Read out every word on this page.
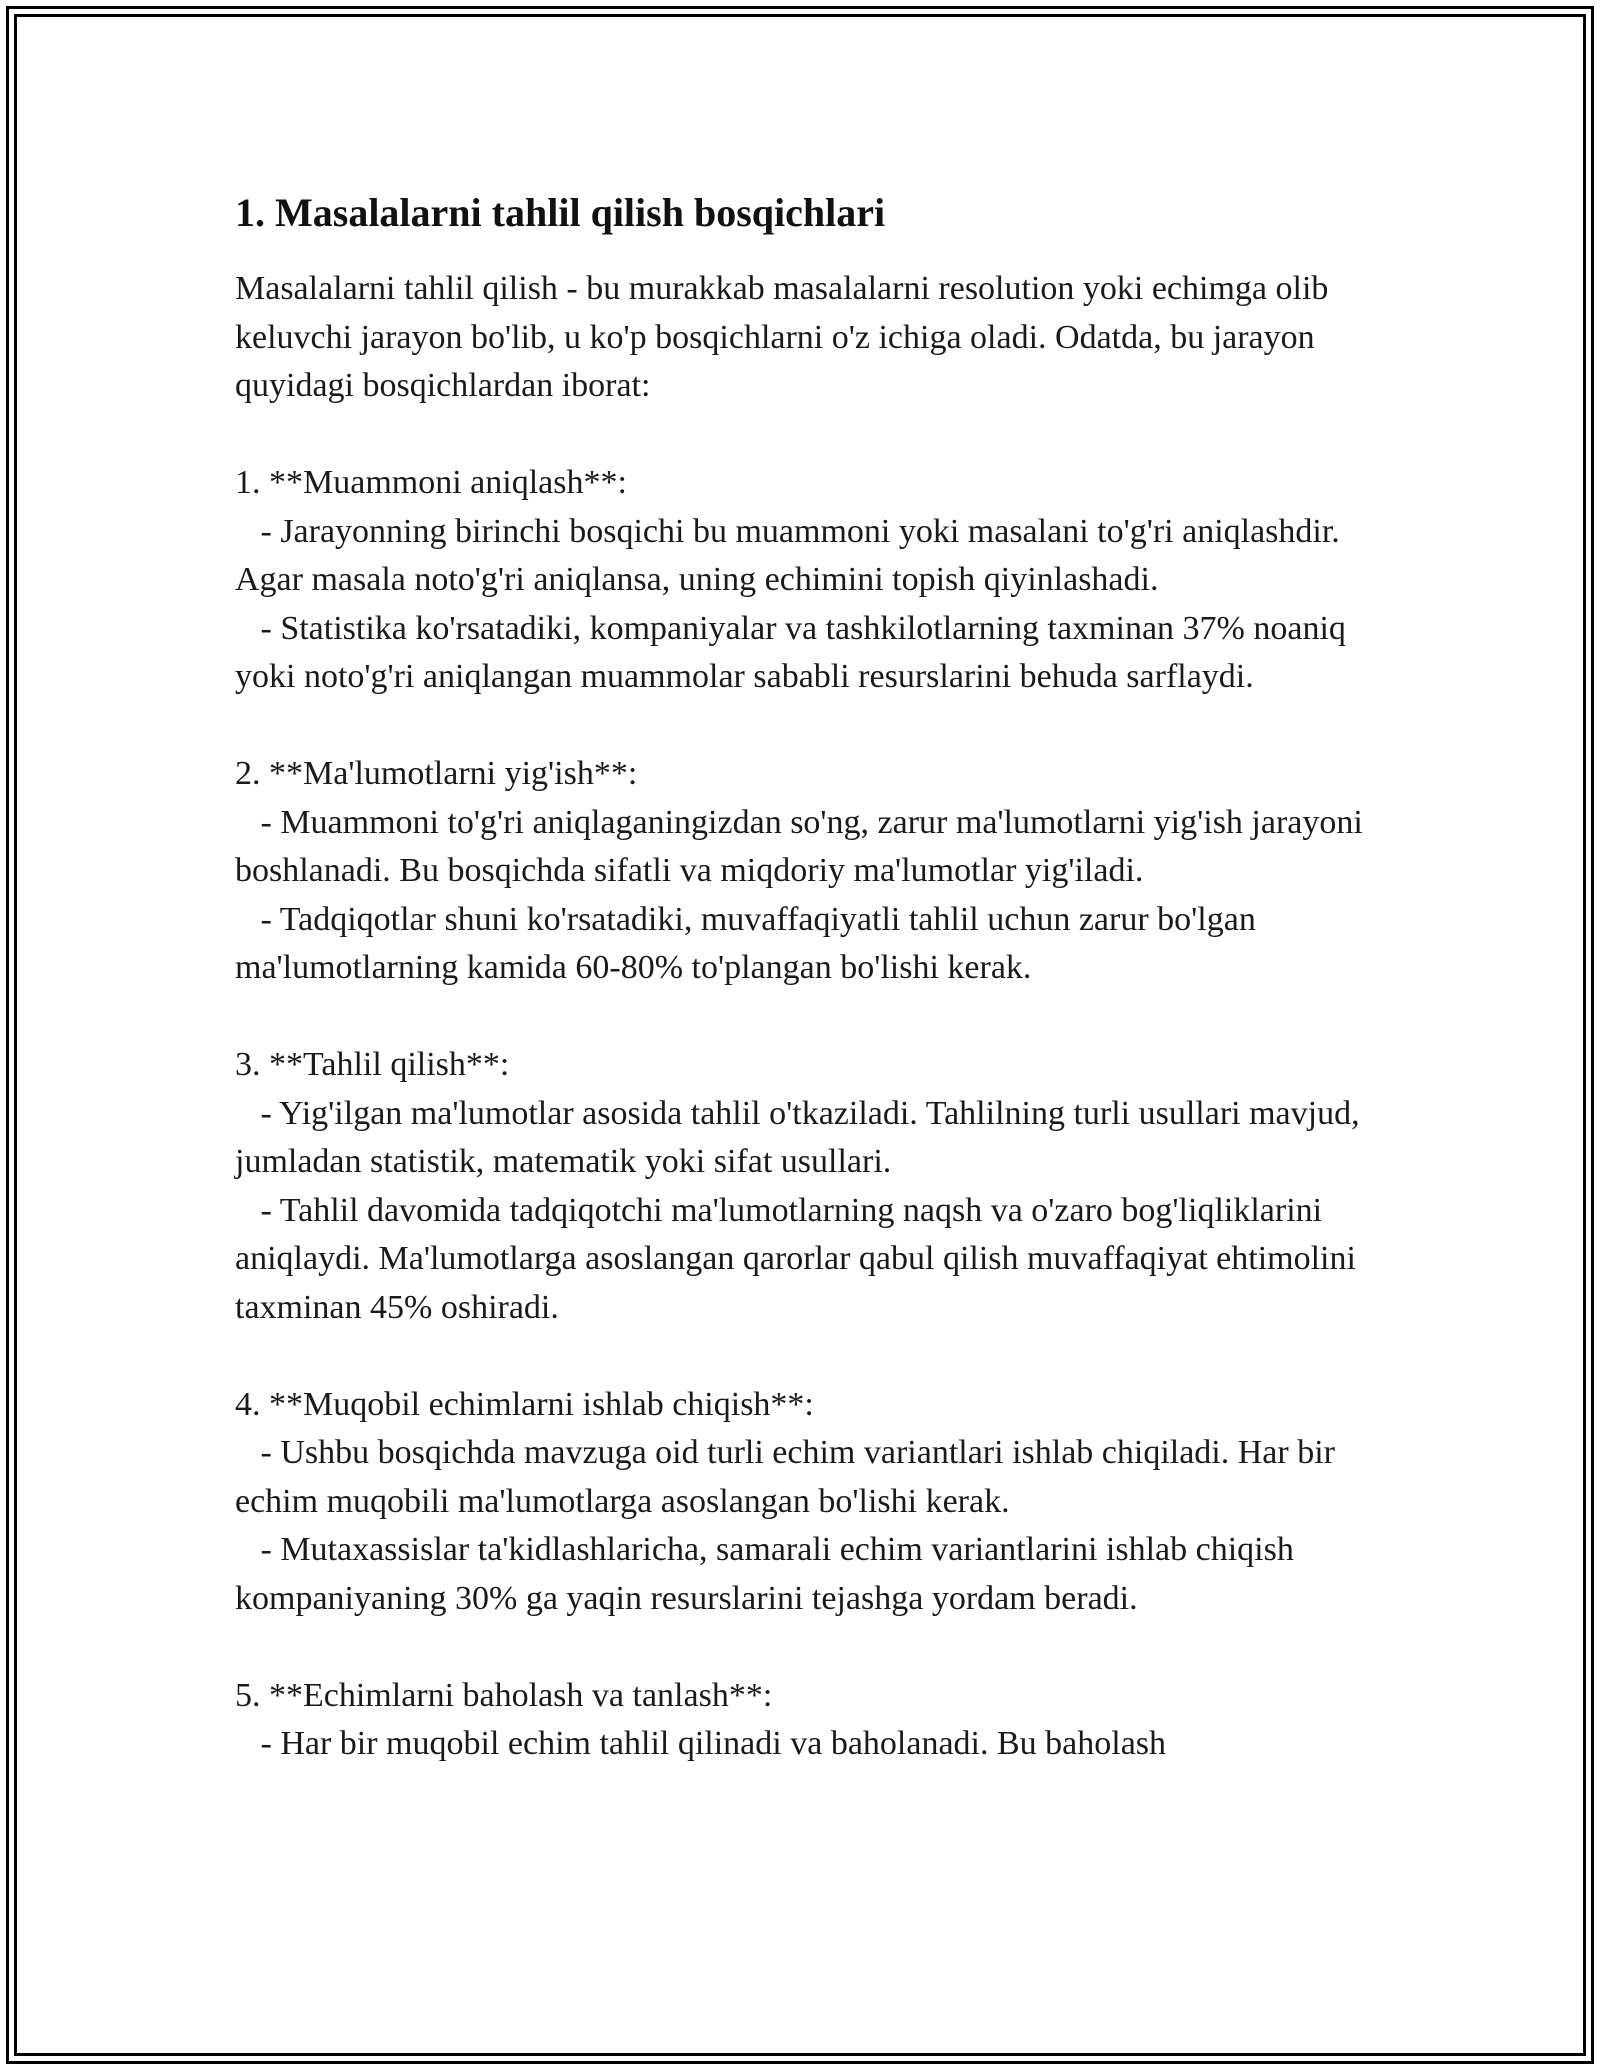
1. Masalalarni tahlil qilish bosqichlari

Masalalarni tahlil qilish - bu murakkab masalalarni resolution yoki echimga olib keluvchi jarayon bo'lib, u ko'p bosqichlarni o'z ichiga oladi. Odatda, bu jarayon quyidagi bosqichlardan iborat:

1. **Muammoni aniqlash**:
- Jarayonning birinchi bosqichi bu muammoni yoki masalani to'g'ri aniqlashdir. Agar masala noto'g'ri aniqlansa, uning echimini topish qiyinlashadi.
- Statistika ko'rsatadiki, kompaniyalar va tashkilotlarning taxminan 37% noaniq yoki noto'g'ri aniqlangan muammolar sababli resurslarini behuda sarflaydi.

2. **Ma'lumotlarni yig'ish**:
- Muammoni to'g'ri aniqlaganingizdan so'ng, zarur ma'lumotlarni yig'ish jarayoni boshlanadi. Bu bosqichda sifatli va miqdoriy ma'lumotlar yig'iladi.
- Tadqiqotlar shuni ko'rsatadiki, muvaffaqiyatli tahlil uchun zarur bo'lgan ma'lumotlarning kamida 60-80% to'plangan bo'lishi kerak.

3. **Tahlil qilish**:
- Yig'ilgan ma'lumotlar asosida tahlil o'tkaziladi. Tahlilning turli usullari mavjud, jumladan statistik, matematik yoki sifat usullari.
- Tahlil davomida tadqiqotchi ma'lumotlarning naqsh va o'zaro bog'liqliklarini aniqlaydi. Ma'lumotlarga asoslangan qarorlar qabul qilish muvaffaqiyat ehtimolini taxminan 45% oshiradi.

4. **Muqobil echimlarni ishlab chiqish**:
- Ushbu bosqichda mavzuga oid turli echim variantlari ishlab chiqiladi. Har bir echim muqobili ma'lumotlarga asoslangan bo'lishi kerak.
- Mutaxassislar ta'kidlashlaricha, samarali echim variantlarini ishlab chiqish kompaniyaning 30% ga yaqin resurslarini tejashga yordam beradi.

5. **Echimlarni baholash va tanlash**:
- Har bir muqobil echim tahlil qilinadi va baholanadi. Bu baholash
